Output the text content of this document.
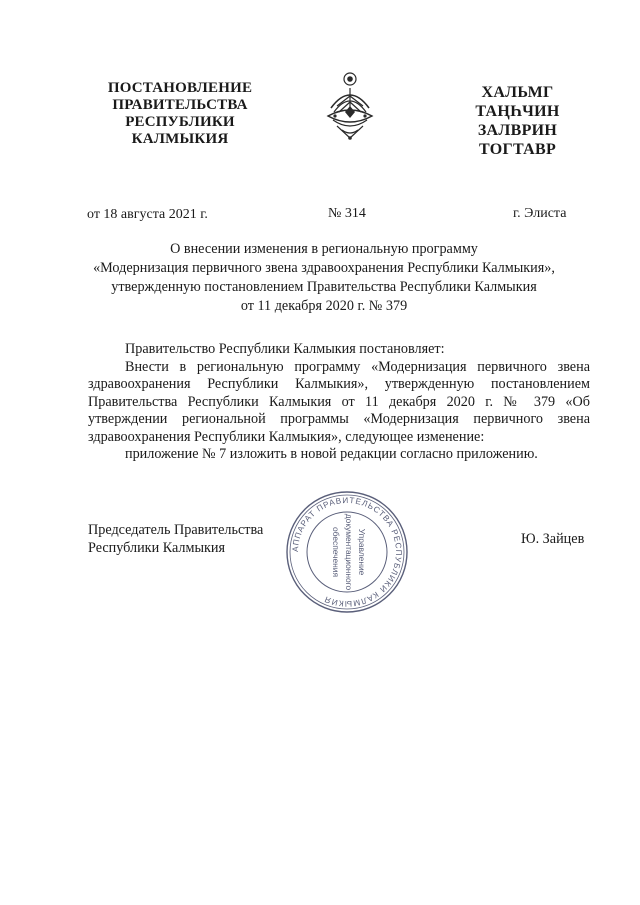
ПОСТАНОВЛЕНИЕ
ПРАВИТЕЛЬСТВА
РЕСПУБЛИКИ
КАЛМЫКИЯ
ХАЛЬМГ
ТАҢҺЧИН
ЗАЛВРИН
ТОГТАВР
от 18 августа 2021 г.	№ 314	г. Элиста
О внесении изменения в региональную программу
«Модернизация первичного звена здравоохранения Республики Калмыкия»,
утвержденную постановлением Правительства Республики Калмыкия
от 11 декабря 2020 г. № 379

Правительство Республики Калмыкия постановляет:

Внести в региональную программу «Модернизация первичного звена здравоохранения Республики Калмыкия», утвержденную постановлением Правительства Республики Калмыкия от 11 декабря 2020 г. № 379 «Об утверждении региональной программы «Модернизация первичного звена здравоохранения Республики Калмыкия», следующее изменение:

приложение № 7 изложить в новой редакции согласно приложению.

Председатель Правительства
Республики Калмыкия	АППАРАТ ПРАВИТЕЛЬСТВА РЕСПУБЛИКИ КАЛМЫКИЯ
Управление
документационного
обеспечения	Ю. Зайцев
